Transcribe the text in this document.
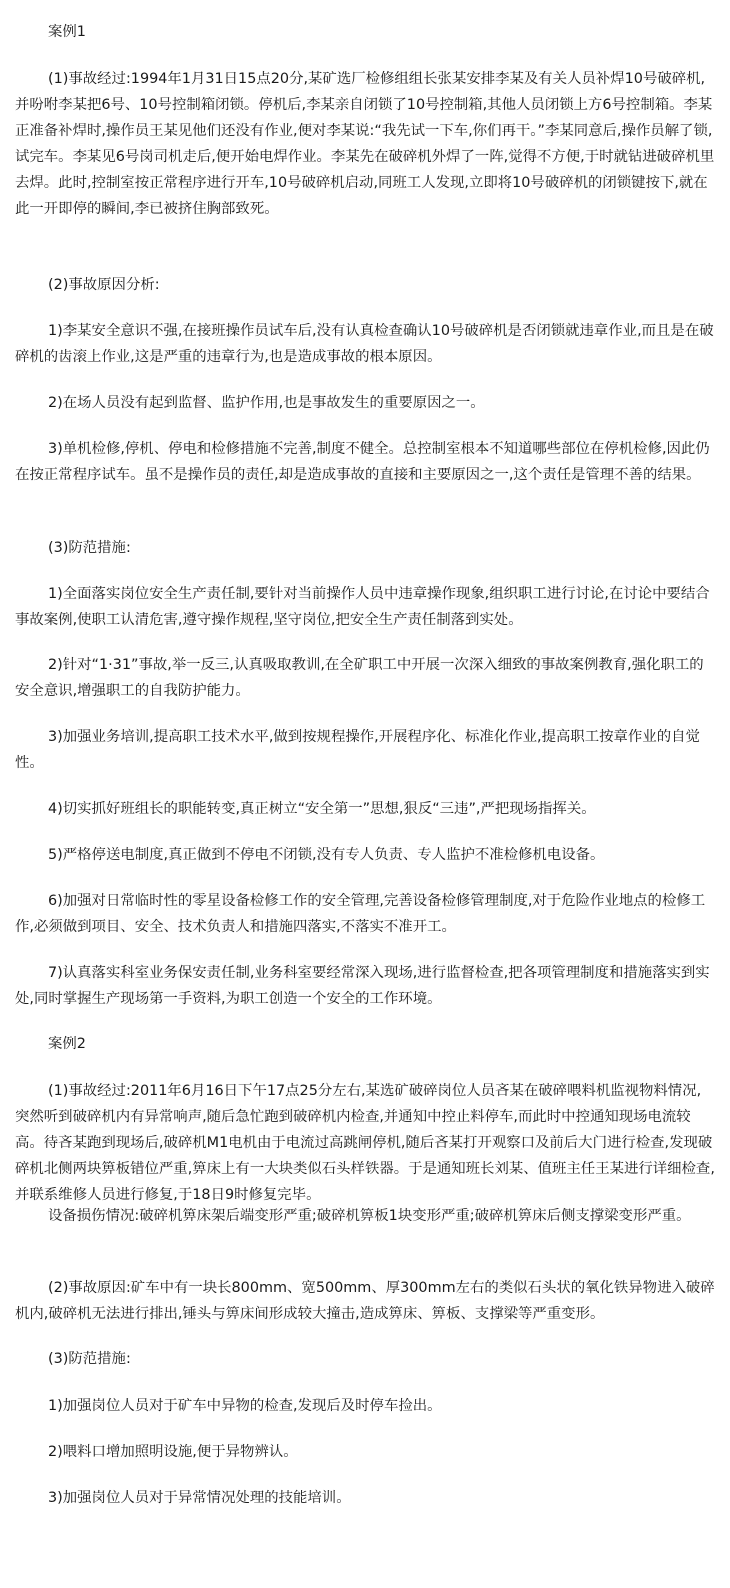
案例1

(1)事故经过:1994年1月31日15点20分,某矿选厂检修组组长张某安排李某及有关人员补焊10号破碎机,并吩咐李某把6号、10号控制箱闭锁。停机后,李某亲自闭锁了10号控制箱,其他人员闭锁上方6号控制箱。李某正准备补焊时,操作员王某见他们还没有作业,便对李某说:“我先试一下车,你们再干。”李某同意后,操作员解了锁,试完车。李某见6号岗司机走后,便开始电焊作业。李某先在破碎机外焊了一阵,觉得不方便,于时就钻进破碎机里去焊。此时,控制室按正常程序进行开车,10号破碎机启动,同班工人发现,立即将10号破碎机的闭锁键按下,就在此一开即停的瞬间,李已被挤住胸部致死。

(2)事故原因分析:

1)李某安全意识不强,在接班操作员试车后,没有认真检查确认10号破碎机是否闭锁就违章作业,而且是在破碎机的齿滚上作业,这是严重的违章行为,也是造成事故的根本原因。

2)在场人员没有起到监督、监护作用,也是事故发生的重要原因之一。

3)单机检修,停机、停电和检修措施不完善,制度不健全。总控制室根本不知道哪些部位在停机检修,因此仍在按正常程序试车。虽不是操作员的责任,却是造成事故的直接和主要原因之一,这个责任是管理不善的结果。

(3)防范措施:

1)全面落实岗位安全生产责任制,要针对当前操作人员中违章操作现象,组织职工进行讨论,在讨论中要结合事故案例,使职工认清危害,遵守操作规程,坚守岗位,把安全生产责任制落到实处。

2)针对“1·31”事故,举一反三,认真吸取教训,在全矿职工中开展一次深入细致的事故案例教育,强化职工的安全意识,增强职工的自我防护能力。

3)加强业务培训,提高职工技术水平,做到按规程操作,开展程序化、标准化作业,提高职工按章作业的自觉性。

4)切实抓好班组长的职能转变,真正树立“安全第一”思想,狠反“三违”,严把现场指挥关。

5)严格停送电制度,真正做到不停电不闭锁,没有专人负责、专人监护不准检修机电设备。

6)加强对日常临时性的零星设备检修工作的安全管理,完善设备检修管理制度,对于危险作业地点的检修工作,必须做到项目、安全、技术负责人和措施四落实,不落实不准开工。

7)认真落实科室业务保安责任制,业务科室要经常深入现场,进行监督检查,把各项管理制度和措施落实到实处,同时掌握生产现场第一手资料,为职工创造一个安全的工作环境。

案例2

(1)事故经过:2011年6月16日下午17点25分左右,某选矿破碎岗位人员吝某在破碎喂料机监视物料情况,突然听到破碎机内有异常响声,随后急忙跑到破碎机内检查,并通知中控止料停车,而此时中控通知现场电流较高。待吝某跑到现场后,破碎机M1电机由于电流过高跳闸停机,随后吝某打开观察口及前后大门进行检查,发现破碎机北侧两块箅板错位严重,箅床上有一大块类似石头样铁器。于是通知班长刘某、值班主任王某进行详细检查,并联系维修人员进行修复,于18日9时修复完毕。

设备损伤情况:破碎机箅床架后端变形严重;破碎机箅板1块变形严重;破碎机箅床后侧支撑梁变形严重。

(2)事故原因:矿车中有一块长800mm、宽500mm、厚300mm左右的类似石头状的氧化铁异物进入破碎机内,破碎机无法进行排出,锤头与箅床间形成较大撞击,造成箅床、箅板、支撑梁等严重变形。

(3)防范措施:

1)加强岗位人员对于矿车中异物的检查,发现后及时停车捡出。

2)喂料口增加照明设施,便于异物辨认。

3)加强岗位人员对于异常情况处理的技能培训。
